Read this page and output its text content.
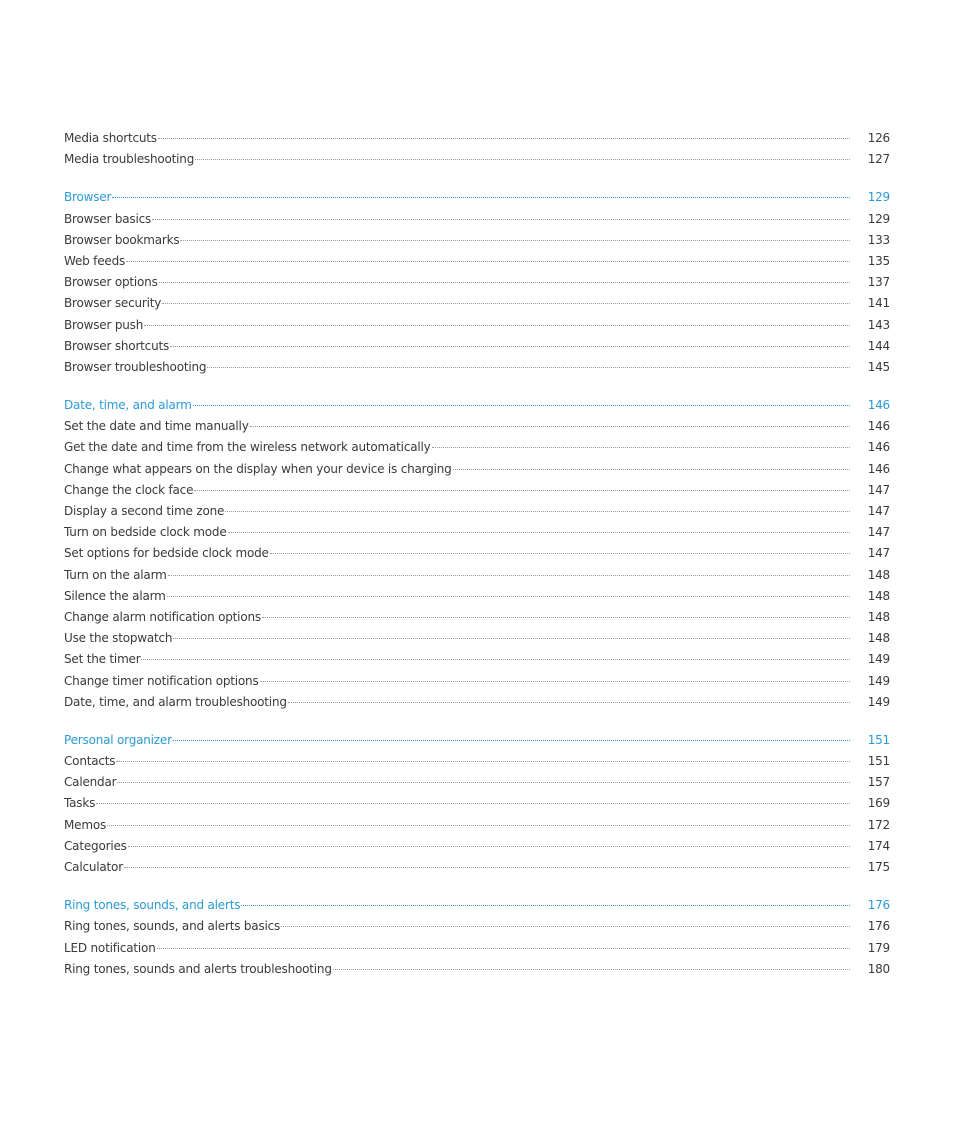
Media shortcuts	126
Media troubleshooting	127
Browser	129
Browser basics	129
Browser bookmarks	133
Web feeds	135
Browser options	137
Browser security	141
Browser push	143
Browser shortcuts	144
Browser troubleshooting	145
Date, time, and alarm	146
Set the date and time manually	146
Get the date and time from the wireless network automatically	146
Change what appears on the display when your device is charging	146
Change the clock face	147
Display a second time zone	147
Turn on bedside clock mode	147
Set options for bedside clock mode	147
Turn on the alarm	148
Silence the alarm	148
Change alarm notification options	148
Use the stopwatch	148
Set the timer	149
Change timer notification options	149
Date, time, and alarm troubleshooting	149
Personal organizer	151
Contacts	151
Calendar	157
Tasks	169
Memos	172
Categories	174
Calculator	175
Ring tones, sounds, and alerts	176
Ring tones, sounds, and alerts basics	176
LED notification	179
Ring tones, sounds and alerts troubleshooting	180
